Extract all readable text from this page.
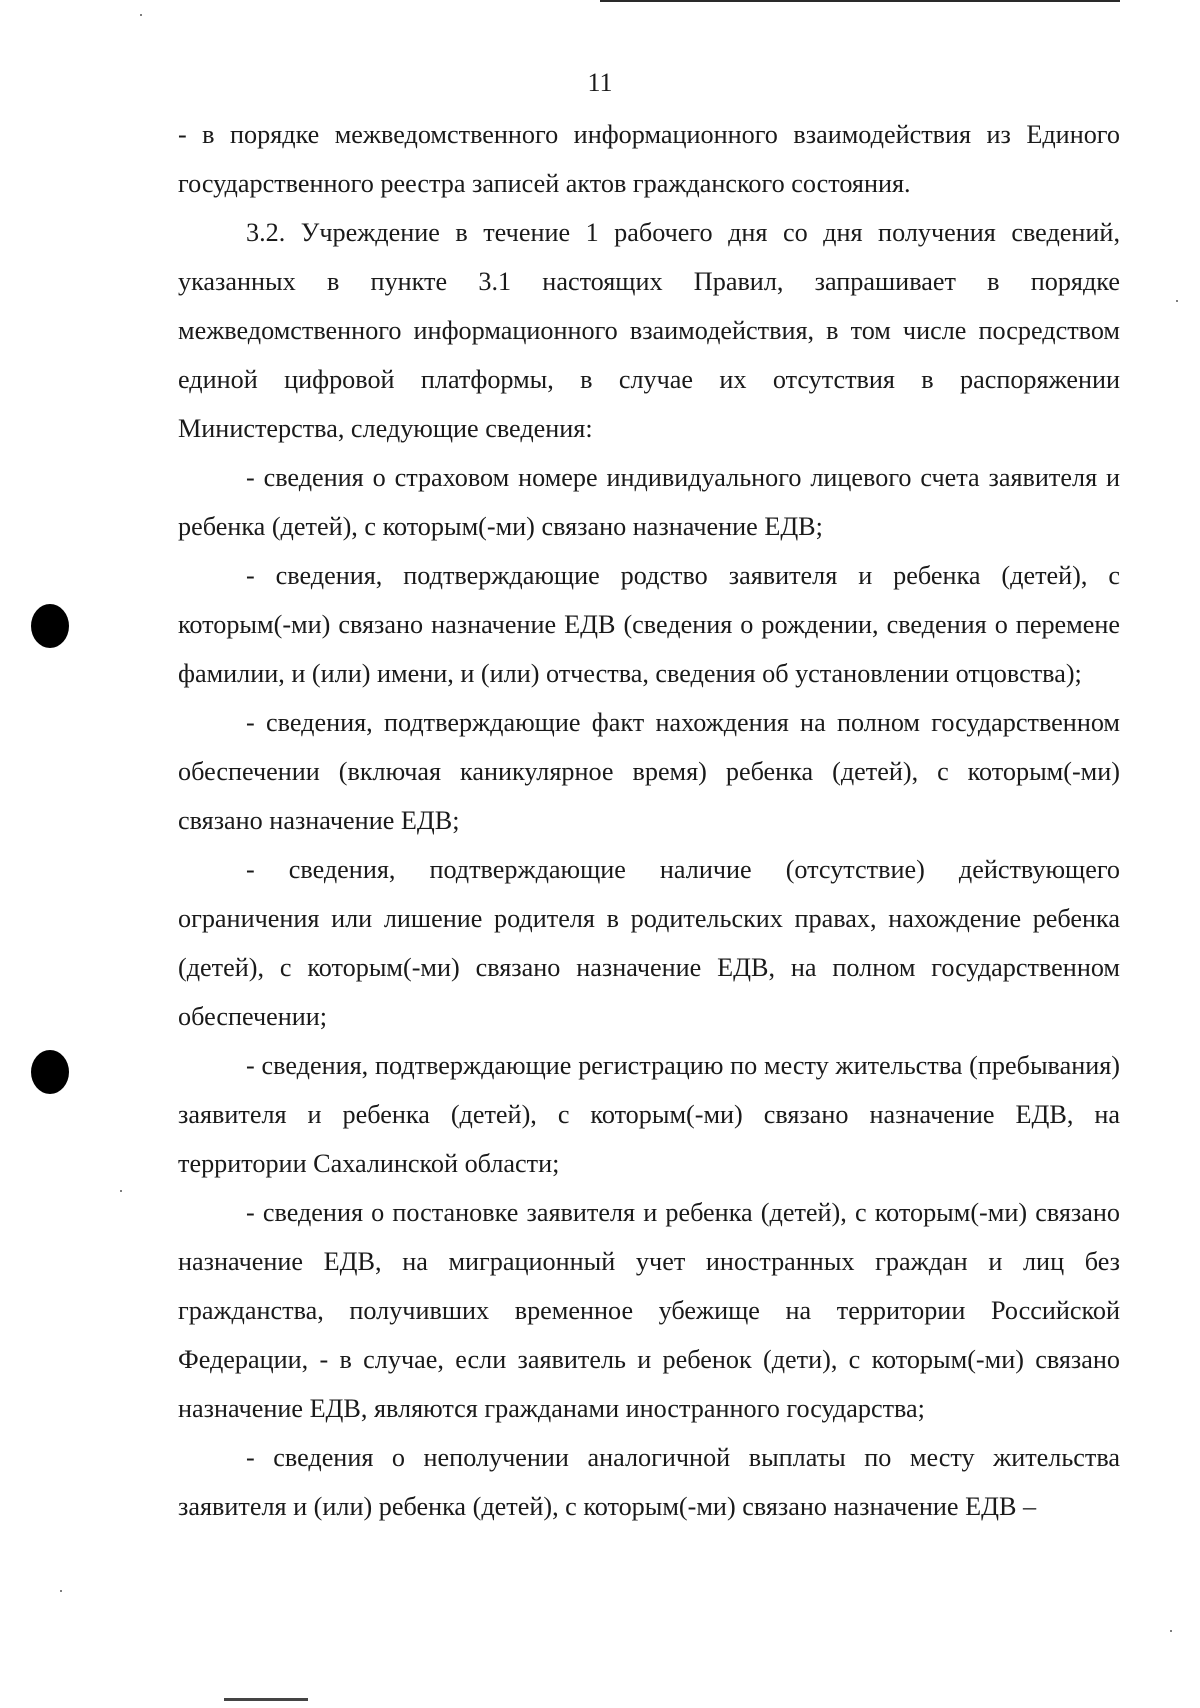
11

- в порядке межведомственного информационного взаимодействия из Единого государственного реестра записей актов гражданского состояния.

3.2. Учреждение в течение 1 рабочего дня со дня получения сведений, указанных в пункте 3.1 настоящих Правил, запрашивает в порядке межведомственного информационного взаимодействия, в том числе посредством единой цифровой платформы, в случае их отсутствия в распоряжении Министерства, следующие сведения:

- сведения о страховом номере индивидуального лицевого счета заявителя и ребенка (детей), с которым(-ми) связано назначение ЕДВ;

- сведения, подтверждающие родство заявителя и ребенка (детей), с которым(-ми) связано назначение ЕДВ (сведения о рождении, сведения о перемене фамилии, и (или) имени, и (или) отчества, сведения об установлении отцовства);

- сведения, подтверждающие факт нахождения на полном государственном обеспечении (включая каникулярное время) ребенка (детей), с которым(-ми) связано назначение ЕДВ;

- сведения, подтверждающие наличие (отсутствие) действующего ограничения или лишение родителя в родительских правах, нахождение ребенка (детей), с которым(-ми) связано назначение ЕДВ, на полном государственном обеспечении;

- сведения, подтверждающие регистрацию по месту жительства (пребывания) заявителя и ребенка (детей), с которым(-ми) связано назначение ЕДВ, на территории Сахалинской области;

- сведения о постановке заявителя и ребенка (детей), с которым(-ми) связано назначение ЕДВ, на миграционный учет иностранных граждан и лиц без гражданства, получивших временное убежище на территории Российской Федерации, - в случае, если заявитель и ребенок (дети), с которым(-ми) связано назначение ЕДВ, являются гражданами иностранного государства;

- сведения о неполучении аналогичной выплаты по месту жительства заявителя и (или) ребенка (детей), с которым(-ми) связано назначение ЕДВ –
